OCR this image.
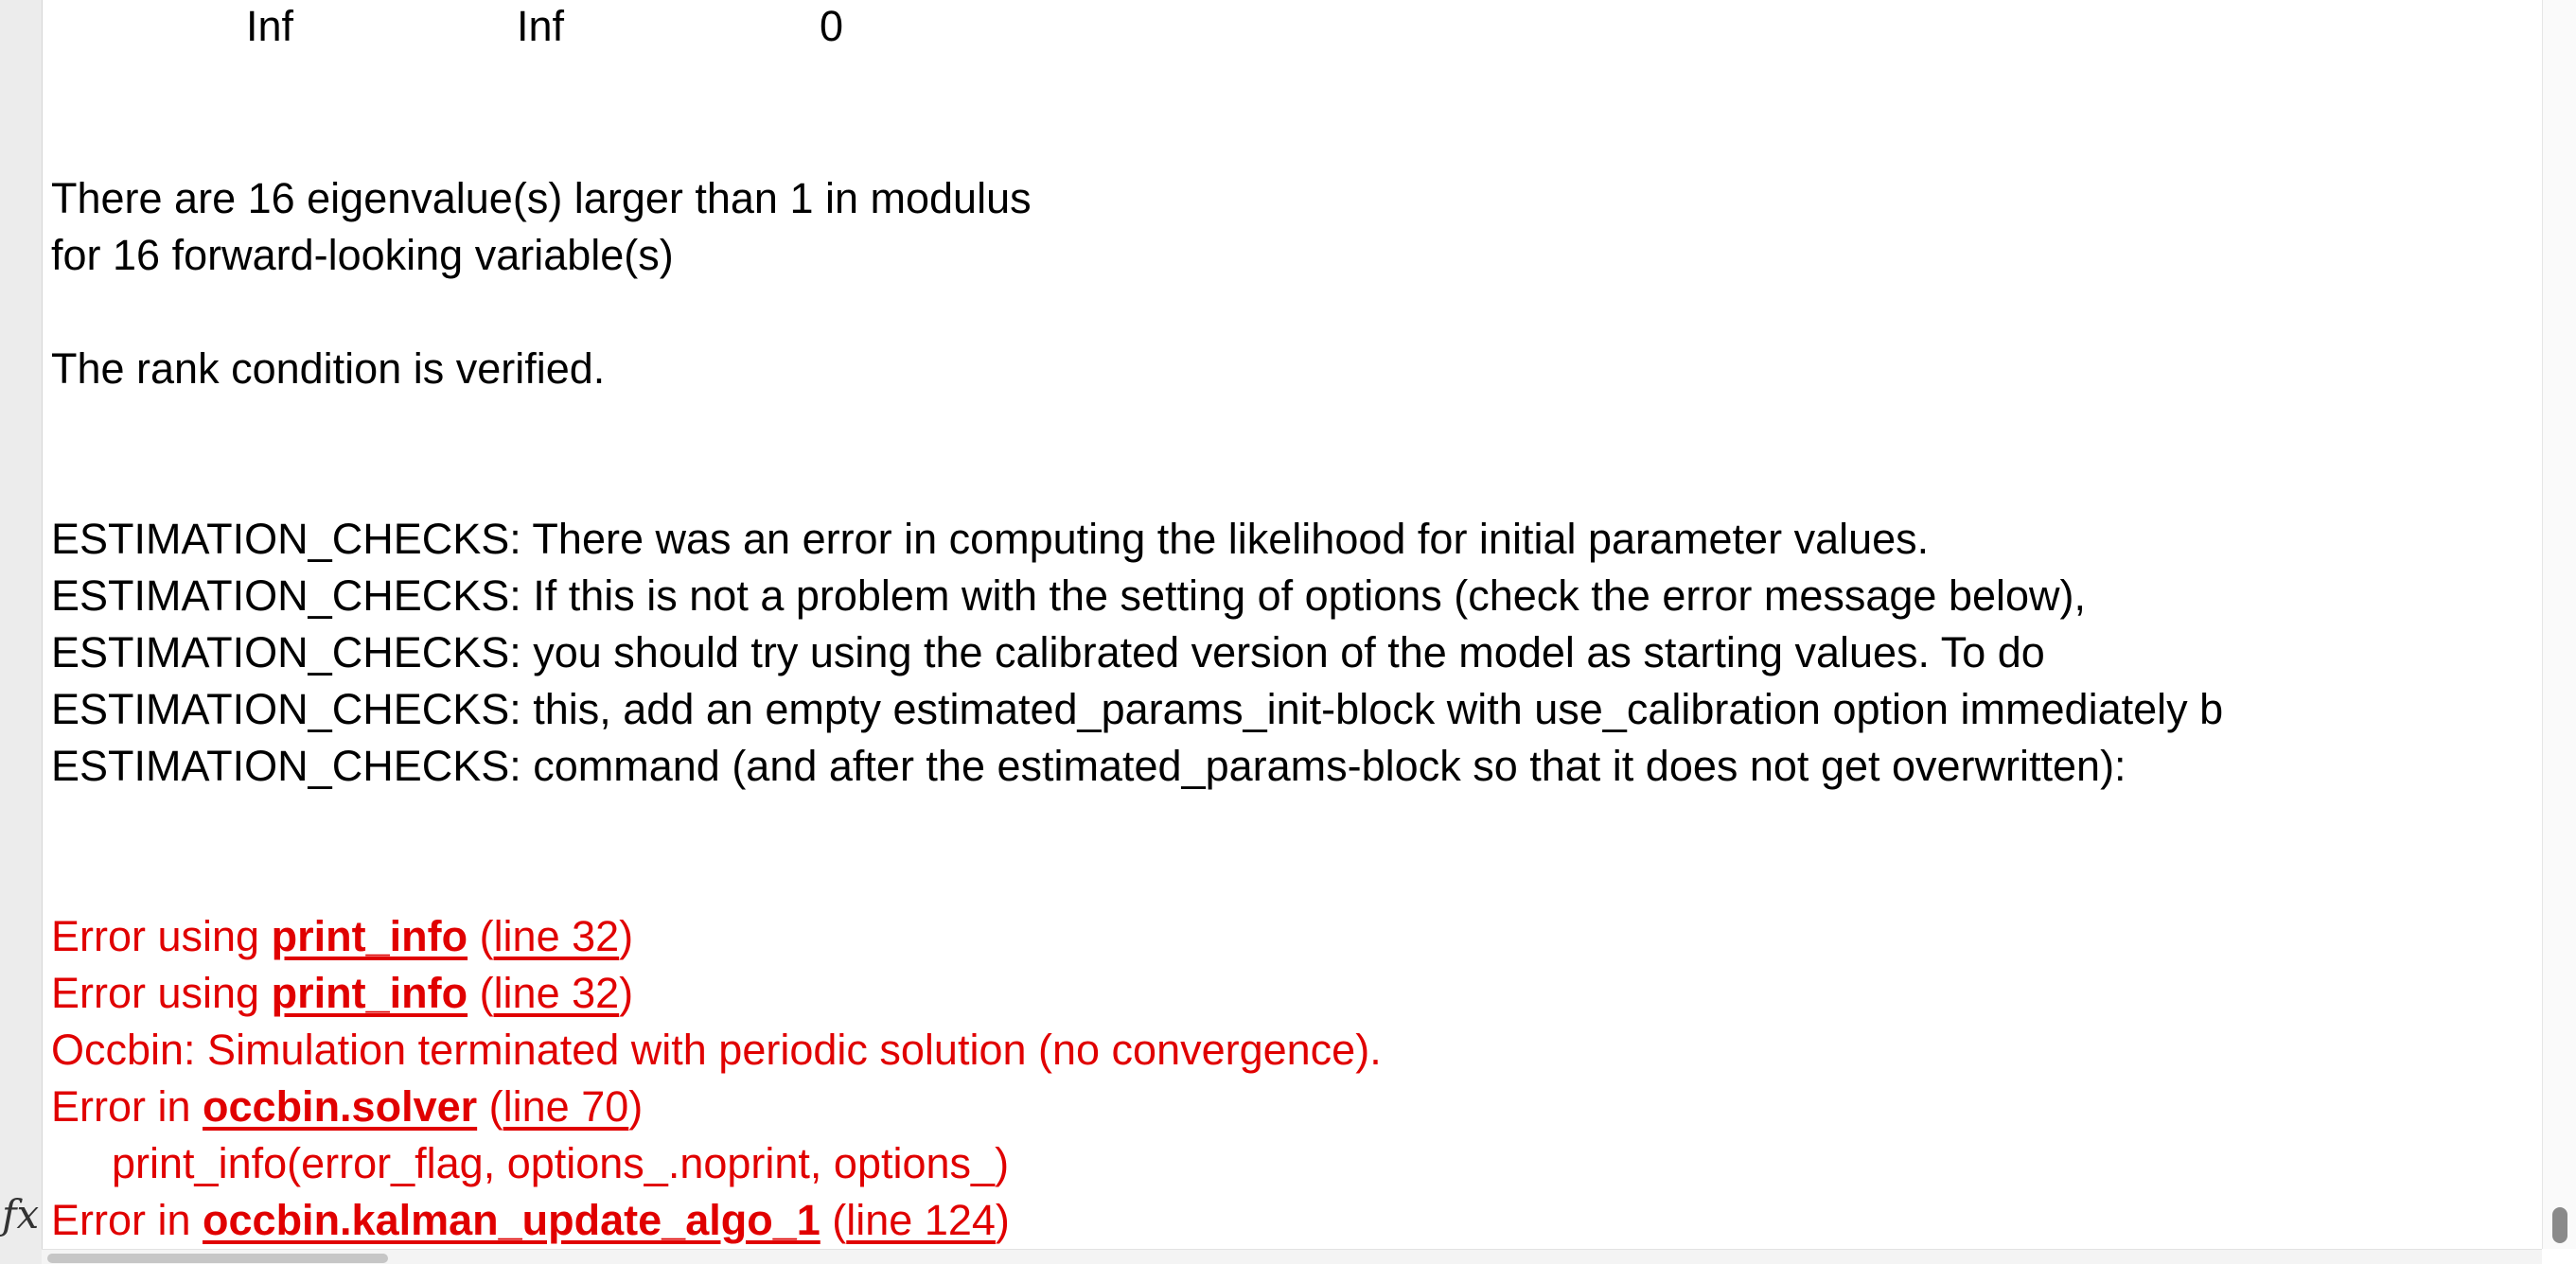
fx

Inf

	Inf

	0

There are 16 eigenvalue(s) larger than 1 in modulus

for 16 forward-looking variable(s)

The rank condition is verified.

ESTIMATION_CHECKS: There was an error in computing the likelihood for initial parameter values.

ESTIMATION_CHECKS: If this is not a problem with the setting of options (check the error message below),

ESTIMATION_CHECKS: you should try using the calibrated version of the model as starting values. To do

ESTIMATION_CHECKS: this, add an empty estimated_params_init-block with use_calibration option immediately b

ESTIMATION_CHECKS: command (and after the estimated_params-block so that it does not get overwritten):

Error using print_info (line 32)

Error using print_info (line 32)

Occbin: Simulation terminated with periodic solution (no convergence).

Error in occbin.solver (line 70)

print_info(error_flag, options_.noprint, options_)

Error in occbin.kalman_update_algo_1 (line 124)
